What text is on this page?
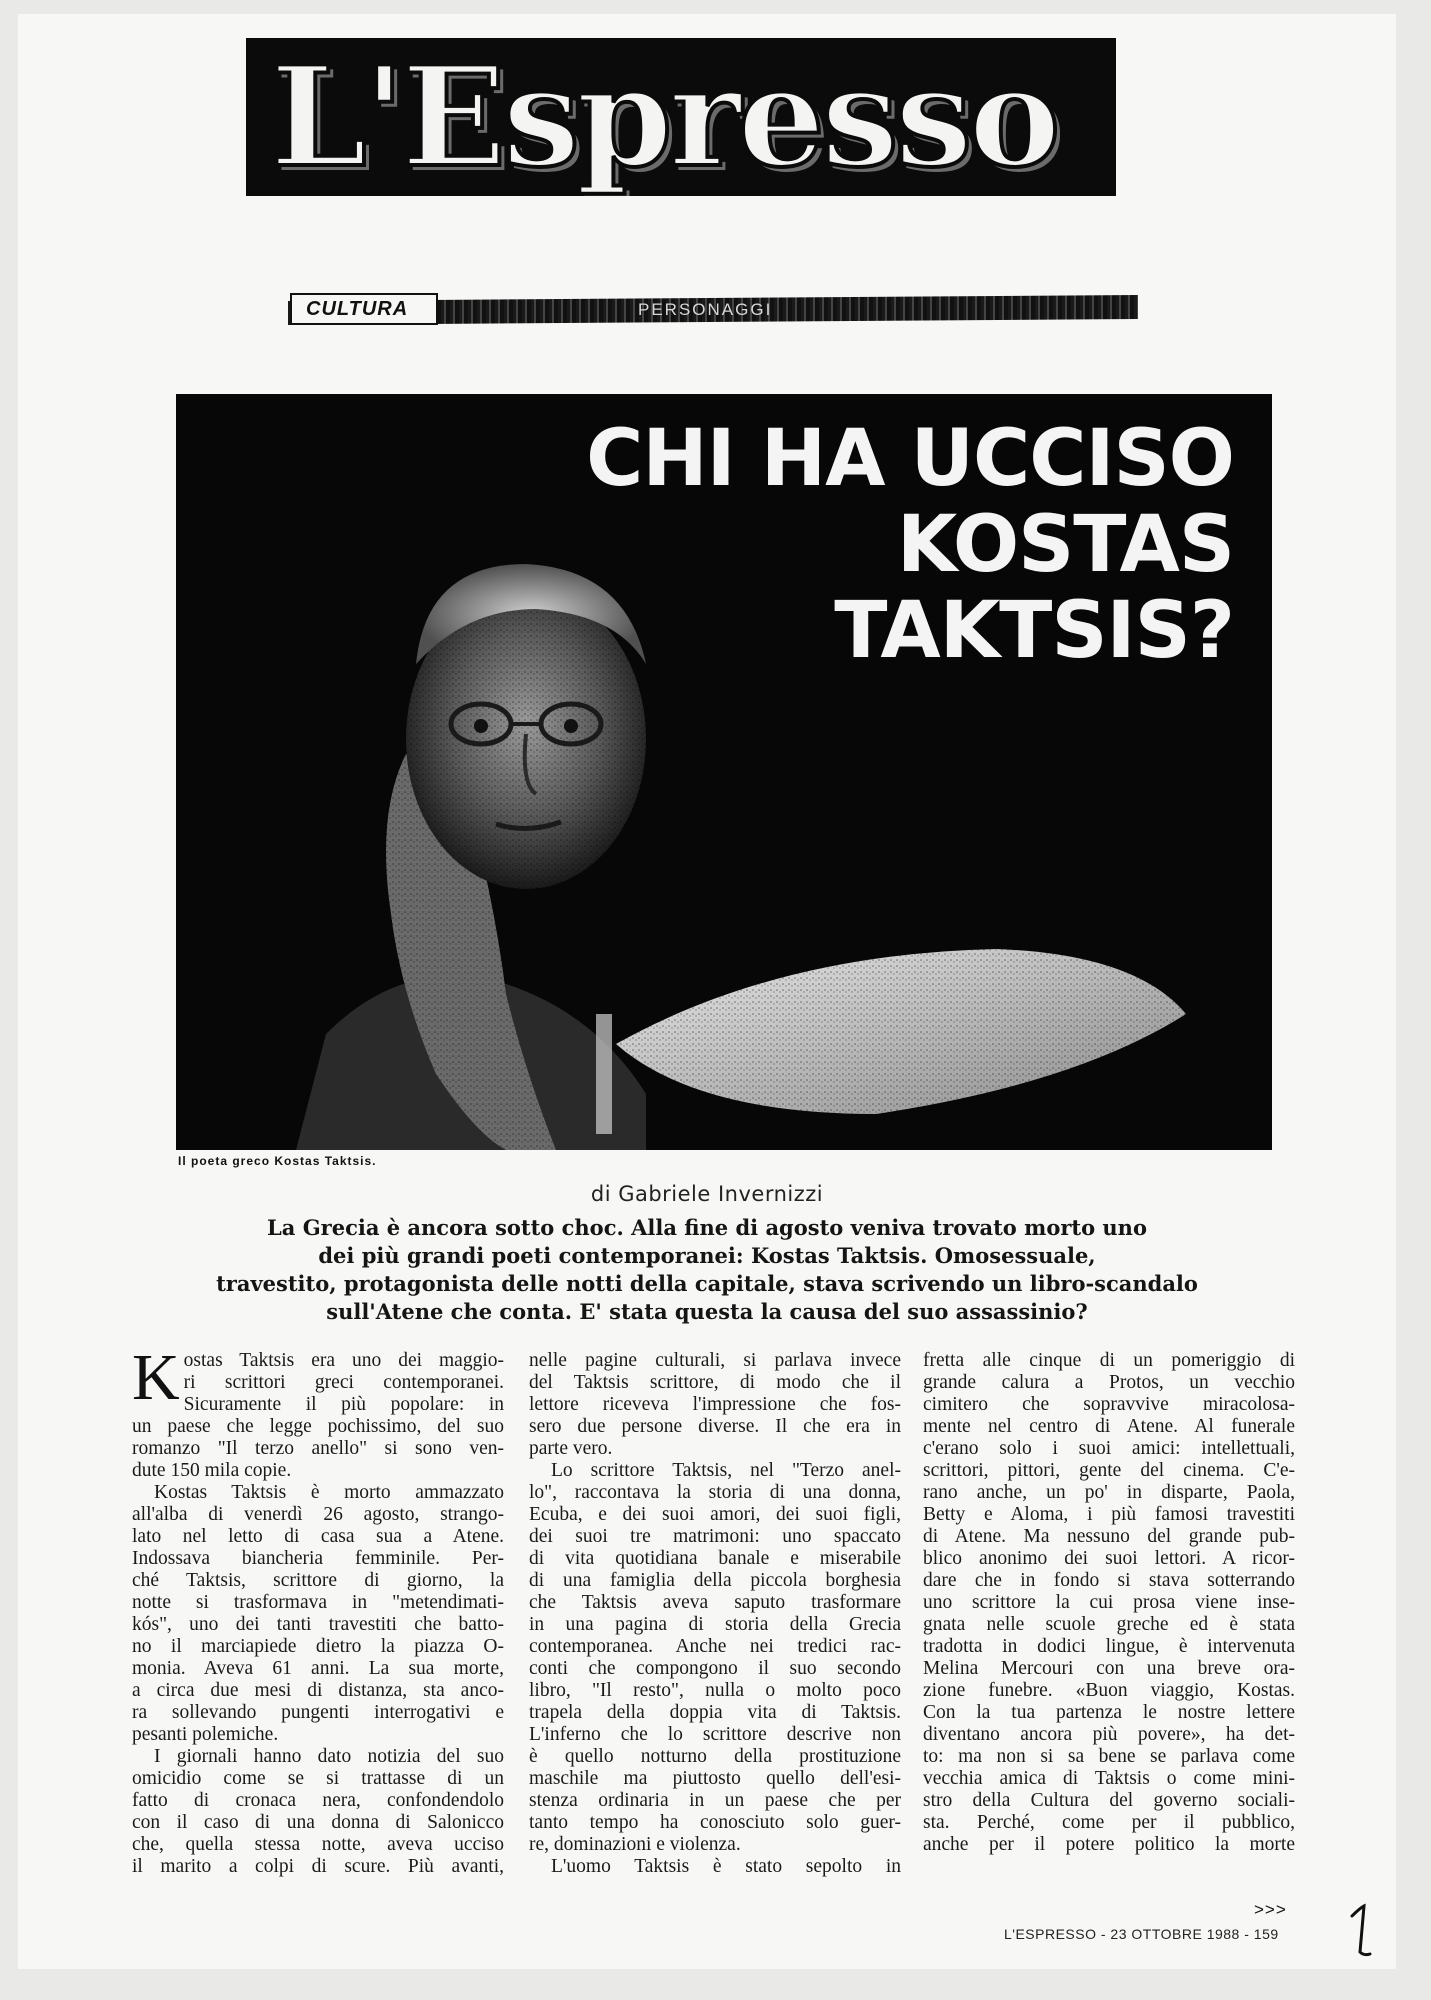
L'Espresso
CULTURA	PERSONAGGI
CHI HA UCCISO
KOSTAS
TAKTSIS?
Il poeta greco Kostas Taktsis.
di Gabriele Invernizzi
La Grecia è ancora sotto choc. Alla fine di agosto veniva trovato morto uno
dei più grandi poeti contemporanei: Kostas Taktsis. Omosessuale,
travestito, protagonista delle notti della capitale, stava scrivendo un libro-scandalo
sull'Atene che conta. E' stata questa la causa del suo assassinio?
K ostas Taktsis era uno dei maggio-
ri scrittori greci contemporanei.
Sicuramente il più popolare: in
un paese che legge pochissimo, del suo
romanzo "Il terzo anello" si sono ven-
dute 150 mila copie.
Kostas Taktsis è morto ammazzato
all'alba di venerdì 26 agosto, strango-
lato nel letto di casa sua a Atene.
Indossava biancheria femminile. Per-
ché Taktsis, scrittore di giorno, la
notte si trasformava in "metendimati-
kós", uno dei tanti travestiti che batto-
no il marciapiede dietro la piazza O-
monia. Aveva 61 anni. La sua morte,
a circa due mesi di distanza, sta anco-
ra sollevando pungenti interrogativi e
pesanti polemiche.
I giornali hanno dato notizia del suo
omicidio come se si trattasse di un
fatto di cronaca nera, confondendolo
con il caso di una donna di Salonicco
che, quella stessa notte, aveva ucciso
il marito a colpi di scure. Più avanti,
nelle pagine culturali, si parlava invece
del Taktsis scrittore, di modo che il
lettore riceveva l'impressione che fos-
sero due persone diverse. Il che era in
parte vero.
Lo scrittore Taktsis, nel "Terzo anel-
lo", raccontava la storia di una donna,
Ecuba, e dei suoi amori, dei suoi figli,
dei suoi tre matrimoni: uno spaccato
di vita quotidiana banale e miserabile
di una famiglia della piccola borghesia
che Taktsis aveva saputo trasformare
in una pagina di storia della Grecia
contemporanea. Anche nei tredici rac-
conti che compongono il suo secondo
libro, "Il resto", nulla o molto poco
trapela della doppia vita di Taktsis.
L'inferno che lo scrittore descrive non
è quello notturno della prostituzione
maschile ma piuttosto quello dell'esi-
stenza ordinaria in un paese che per
tanto tempo ha conosciuto solo guer-
re, dominazioni e violenza.
L'uomo Taktsis è stato sepolto in
fretta alle cinque di un pomeriggio di
grande calura a Protos, un vecchio
cimitero che sopravvive miracolosa-
mente nel centro di Atene. Al funerale
c'erano solo i suoi amici: intellettuali,
scrittori, pittori, gente del cinema. C'e-
rano anche, un po' in disparte, Paola,
Betty e Aloma, i più famosi travestiti
di Atene. Ma nessuno del grande pub-
blico anonimo dei suoi lettori. A ricor-
dare che in fondo si stava sotterrando
uno scrittore la cui prosa viene inse-
gnata nelle scuole greche ed è stata
tradotta in dodici lingue, è intervenuta
Melina Mercouri con una breve ora-
zione funebre. «Buon viaggio, Kostas.
Con la tua partenza le nostre lettere
diventano ancora più povere», ha det-
to: ma non si sa bene se parlava come
vecchia amica di Taktsis o come mini-
stro della Cultura del governo sociali-
sta. Perché, come per il pubblico,
anche per il potere politico la morte
>>>
L'ESPRESSO - 23 OTTOBRE 1988 - 159
